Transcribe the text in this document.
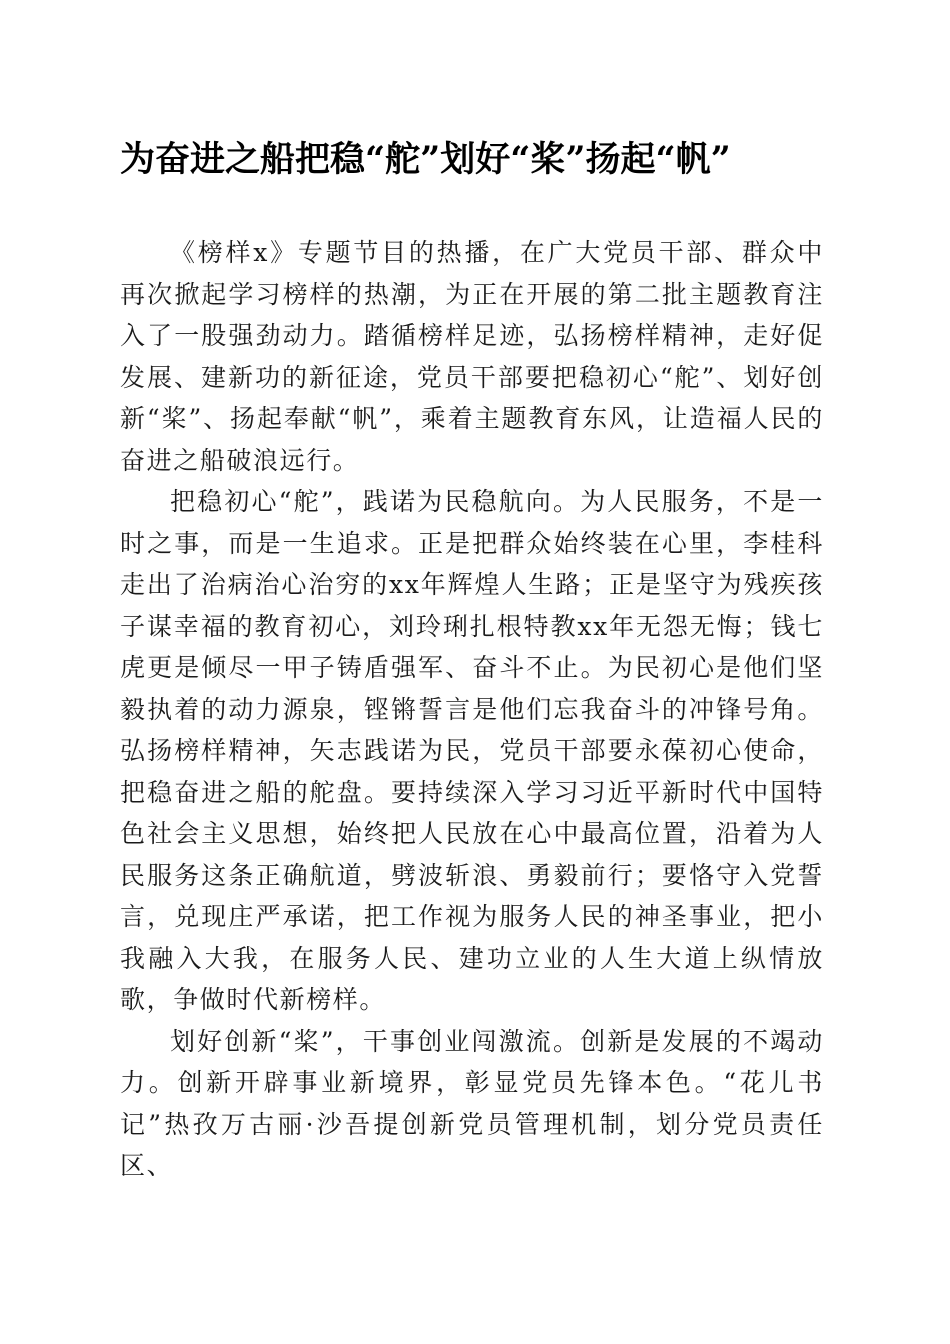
为奋进之船把稳“舵”划好“桨”扬起“帆”

《榜样x》专题节目的热播，在广大党员干部、群众中再次掀起学习榜样的热潮，为正在开展的第二批主题教育注入了一股强劲动力。踏循榜样足迹，弘扬榜样精神，走好促发展、建新功的新征途，党员干部要把稳初心“舵”、划好创新“桨”、扬起奉献“帆”，乘着主题教育东风，让造福人民的奋进之船破浪远行。

把稳初心“舵”，践诺为民稳航向。为人民服务，不是一时之事，而是一生追求。正是把群众始终装在心里，李桂科走出了治病治心治穷的xx年辉煌人生路；正是坚守为残疾孩子谋幸福的教育初心，刘玲琍扎根特教xx年无怨无悔；钱七虎更是倾尽一甲子铸盾强军、奋斗不止。为民初心是他们坚毅执着的动力源泉，铿锵誓言是他们忘我奋斗的冲锋号角。弘扬榜样精神，矢志践诺为民，党员干部要永葆初心使命，把稳奋进之船的舵盘。要持续深入学习习近平新时代中国特色社会主义思想，始终把人民放在心中最高位置，沿着为人民服务这条正确航道，劈波斩浪、勇毅前行；要恪守入党誓言，兑现庄严承诺，把工作视为服务人民的神圣事业，把小我融入大我，在服务人民、建功立业的人生大道上纵情放歌，争做时代新榜样。

划好创新“桨”，干事创业闯激流。创新是发展的不竭动力。创新开辟事业新境界，彰显党员先锋本色。“花儿书记”热孜万古丽·沙吾提创新党员管理机制，划分党员责任区、
